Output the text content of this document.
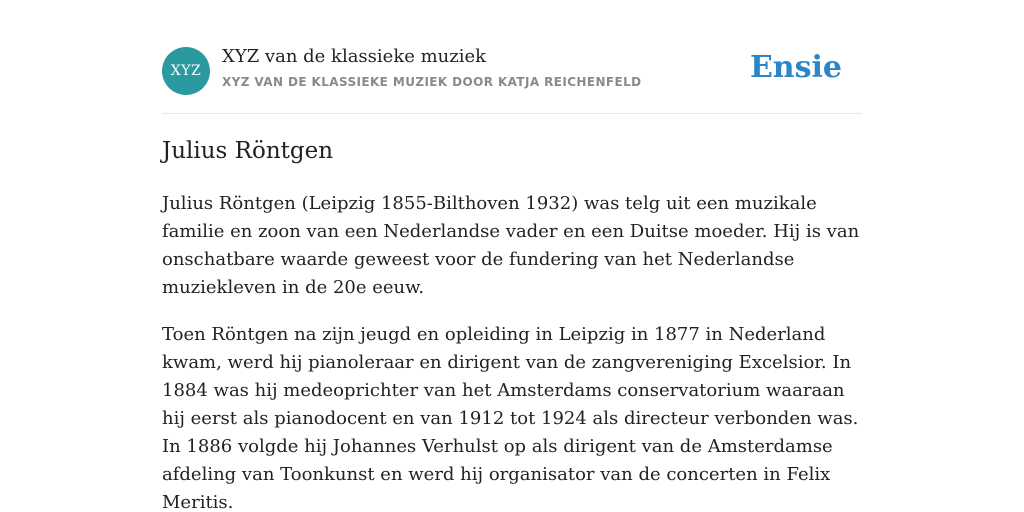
XYZ
XYZ van de klassieke muziek
XYZ VAN DE KLASSIEKE MUZIEK DOOR KATJA REICHENFELD	Ensie
Julius Röntgen

Julius Röntgen (Leipzig 1855-Bilthoven 1932) was telg uit een muzikale familie en zoon van een Nederlandse vader en een Duitse moeder. Hij is van onschatbare waarde geweest voor de fundering van het Nederlandse muziekleven in de 20e eeuw.

Toen Röntgen na zijn jeugd en opleiding in Leipzig in 1877 in Nederland kwam, werd hij pianoleraar en dirigent van de zangvereniging Excelsior. In 1884 was hij medeoprichter van het Amsterdams conservatorium waaraan hij eerst als pianodocent en van 1912 tot 1924 als directeur verbonden was. In 1886 volgde hij Johannes Verhulst op als dirigent van de Amsterdamse afdeling van Toonkunst en werd hij organisator van de concerten in Felix Meritis.
